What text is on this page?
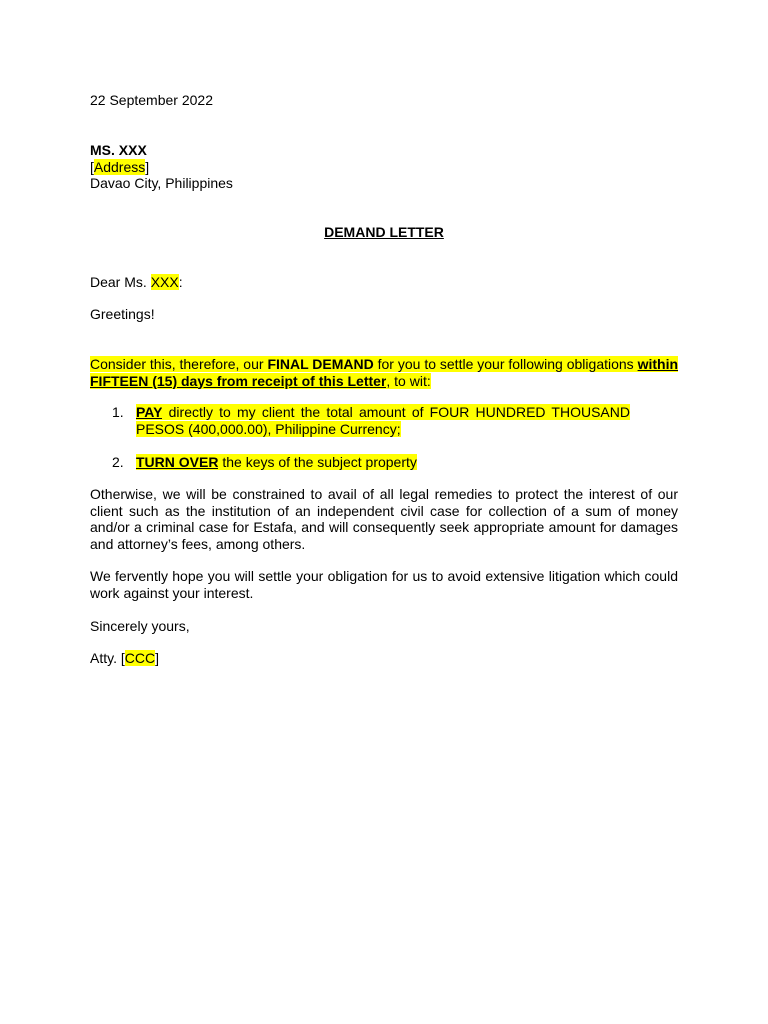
22 September 2022
MS. XXX
[Address]
Davao City, Philippines
DEMAND LETTER
Dear Ms. XXX:
Greetings!
Consider this, therefore, our FINAL DEMAND for you to settle your following obligations within FIFTEEN (15) days from receipt of this Letter, to wit:
1. PAY directly to my client the total amount of FOUR HUNDRED THOUSAND PESOS (400,000.00), Philippine Currency;
2. TURN OVER the keys of the subject property
Otherwise, we will be constrained to avail of all legal remedies to protect the interest of our client such as the institution of an independent civil case for collection of a sum of money and/or a criminal case for Estafa, and will consequently seek appropriate amount for damages and attorney’s fees, among others.
We fervently hope you will settle your obligation for us to avoid extensive litigation which could work against your interest.
Sincerely yours,
Atty. [CCC]
